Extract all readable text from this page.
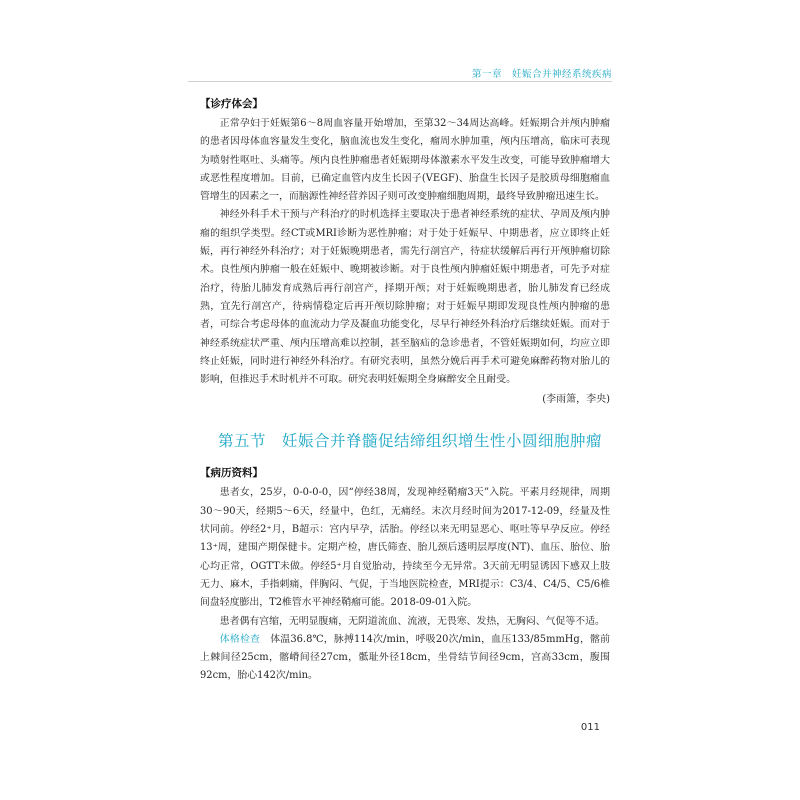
第一章　妊娠合并神经系统疾病
【诊疗体会】

正常孕妇于妊娠第6～8周血容量开始增加，至第32～34周达高峰。妊娠期合并颅内肿瘤的患者因母体血容量发生变化，脑血流也发生变化，瘤周水肿加重，颅内压增高，临床可表现为喷射性呕吐、头痛等。颅内良性肿瘤患者妊娠期母体激素水平发生改变，可能导致肿瘤增大或恶性程度增加。目前，已确定血管内皮生长因子(VEGF)、胎盘生长因子是胶质母细胞瘤血管增生的因素之一，而脑源性神经营养因子则可改变肿瘤细胞周期，最终导致肿瘤迅速生长。

神经外科手术干预与产科治疗的时机选择主要取决于患者神经系统的症状、孕周及颅内肿瘤的组织学类型。经CT或MRI诊断为恶性肿瘤；对于处于妊娠早、中期患者，应立即终止妊娠，再行神经外科治疗；对于妊娠晚期患者，需先行剖宫产，待症状缓解后再行开颅肿瘤切除术。良性颅内肿瘤一般在妊娠中、晚期被诊断。对于良性颅内肿瘤妊娠中期患者，可先予对症治疗，待胎儿肺发育成熟后再行剖宫产，择期开颅；对于妊娠晚期患者，胎儿肺发育已经成熟，宜先行剖宫产，待病情稳定后再开颅切除肿瘤；对于妊娠早期即发现良性颅内肿瘤的患者，可综合考虑母体的血流动力学及凝血功能变化，尽早行神经外科治疗后继续妊娠。而对于神经系统症状严重、颅内压增高难以控制，甚至脑疝的急诊患者，不管妊娠期如何，均应立即终止妊娠，同时进行神经外科治疗。有研究表明，虽然分娩后再手术可避免麻醉药物对胎儿的影响，但推迟手术时机并不可取。研究表明妊娠期全身麻醉安全且耐受。

(李雨箫，李央)

第五节 妊娠合并脊髓促结缔组织增生性小圆细胞肿瘤
【病历资料】

患者女，25岁，0-0-0-0，因“停经38周，发现神经鞘瘤3天”入院。平素月经规律，周期30～90天，经期5～6天，经量中，色红，无痛经。末次月经时间为2017-12-09，经量及性状同前。停经2⁺月，B超示：宫内早孕，活胎。停经以来无明显恶心、呕吐等早孕反应。停经13⁺周，建围产期保健卡。定期产检，唐氏筛查、胎儿颈后透明层厚度(NT)、血压、胎位、胎心均正常，OGTT未做。停经5⁺月自觉胎动，持续至今无异常。3天前无明显诱因下感双上肢无力、麻木，手指刺痛，伴胸闷、气促，于当地医院检查，MRI提示：C3/4、C4/5、C5/6椎间盘轻度膨出，T2椎管水平神经鞘瘤可能。2018-09-01入院。

患者偶有宫缩，无明显腹痛，无阴道流血、流液，无畏寒、发热，无胸闷、气促等不适。

体格检查　体温36.8℃，脉搏114次/min，呼吸20次/min，血压133/85mmHg，髂前上棘间径25cm，髂嵴间径27cm，骶耻外径18cm，坐骨结节间径9cm，宫高33cm，腹围92cm，胎心142次/min。

011
